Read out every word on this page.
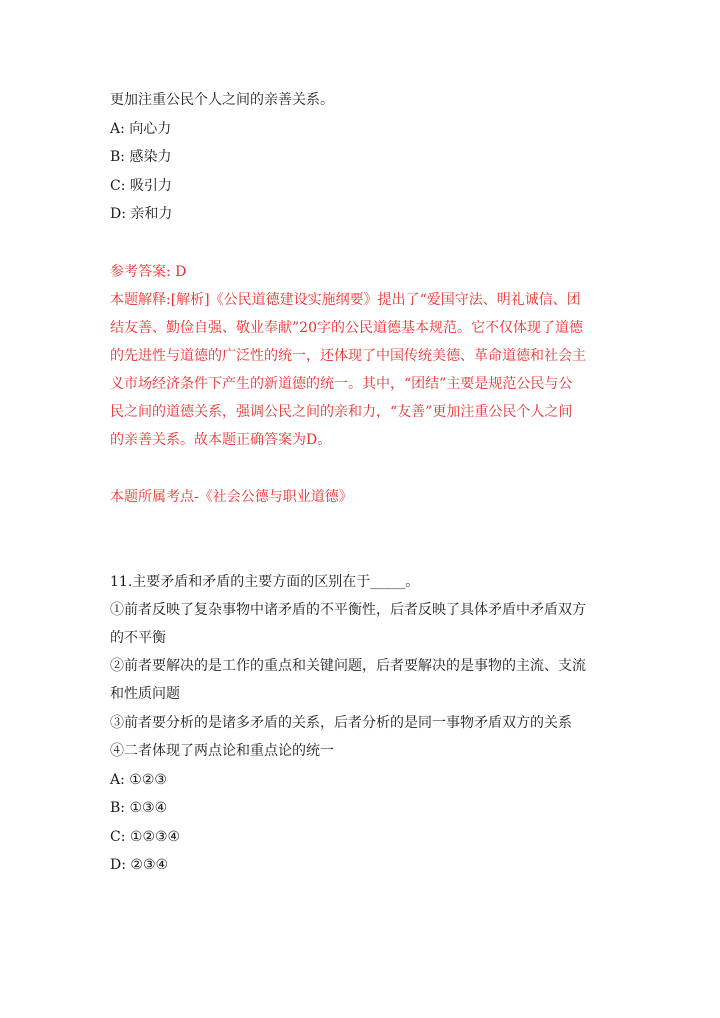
更加注重公民个人之间的亲善关系。
A: 向心力
B: 感染力
C: 吸引力
D: 亲和力
参考答案: D
本题解释:[解析]《公民道德建设实施纲要》提出了“爱国守法、明礼诚信、团
结友善、勤俭自强、敬业奉献”20字的公民道德基本规范。它不仅体现了道德
的先进性与道德的广泛性的统一，还体现了中国传统美德、革命道德和社会主
义市场经济条件下产生的新道德的统一。其中，“团结”主要是规范公民与公
民之间的道德关系，强调公民之间的亲和力，“友善”更加注重公民个人之间
的亲善关系。故本题正确答案为D。
本题所属考点-《社会公德与职业道德》
11.主要矛盾和矛盾的主要方面的区别在于_____。
①前者反映了复杂事物中诸矛盾的不平衡性，后者反映了具体矛盾中矛盾双方
的不平衡
②前者要解决的是工作的重点和关键问题，后者要解决的是事物的主流、支流
和性质问题
③前者要分析的是诸多矛盾的关系，后者分析的是同一事物矛盾双方的关系
④二者体现了两点论和重点论的统一
A: ①②③
B: ①③④
C: ①②③④
D: ②③④
